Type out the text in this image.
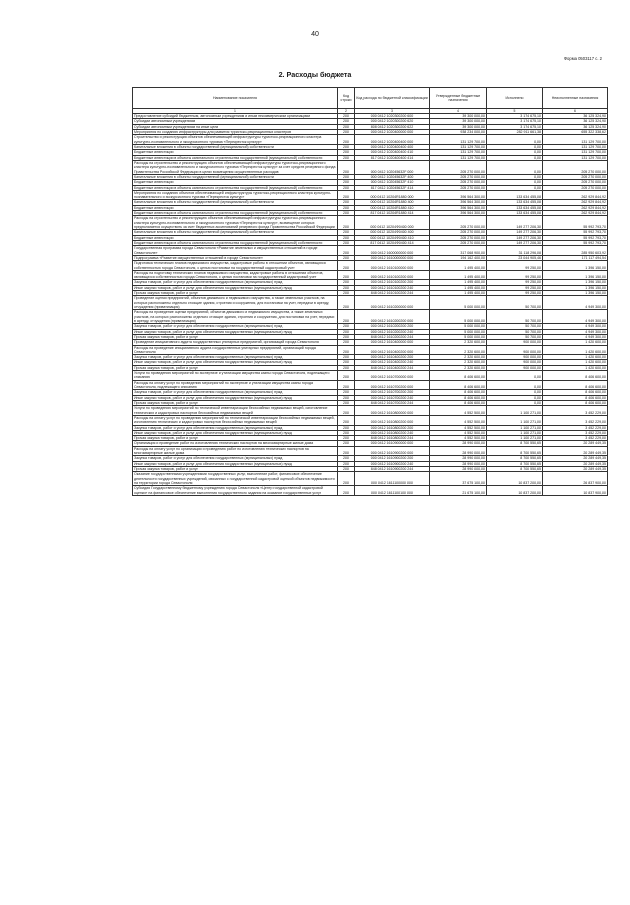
40
Форма 0503117 с. 2
2. Расходы бюджета
Наименование показателя	Код строки	Код расхода по бюджетной классификации	Утвержденные бюджетные назначения	Исполнено	Неисполненные назначения
1	2	3	4	5	6
Предоставление субсидий бюджетным, автономным учреждениям и иным некоммерческим организациям	200	000 0412 1020300200 600	39 300 000,00	3 174 675,10	36 125 324,90
Субсидии автономным учреждениям	200	000 0412 1020300200 620	39 300 000,00	3 174 675,10	36 125 324,90
Субсидии автономным учреждениям на иные цели	200	808 0412 1020300200 622	39 300 000,00	3 174 675,10	36 125 324,90
Мероприятия по созданию инфраструктуры для развития туристско-рекреационных кластеров	200	000 0412 1020400000 000	938 234 000,00	282 911 661,38	655 322 338,62
Строительство и реконструкция объектов обеспечивающей инфраструктуры туристско-рекреационного кластера культурно-познавательного и экскурсионного туризма «Перекресток культур»	200	000 0412 1020400400 000	131 129 700,00	0,00	131 129 700,00
Капитальные вложения в объекты государственной (муниципальной) собственности	200	000 0412 1020400400 400	131 129 700,00	0,00	131 129 700,00
Бюджетные инвестиции	200	000 0412 1020400400 410	131 129 700,00	0,00	131 129 700,00
Бюджетные инвестиции в объекты капитального строительства государственной (муниципальной) собственности	200	817 0412 1020400400 414	131 129 700,00	0,00	131 129 700,00
Расходы на строительство и реконструкцию объектов обеспечивающей инфраструктуры туристско-рекреационного кластера культурно-познавательного и экскурсионного туризма «Перекресток культур» за счет средств резервного фонда Правительства Российской Федерации в целях возмещения осуществленных расходов	200	000 0412 102045632F 000	205 270 000,00	0,00	205 270 000,00
Капитальные вложения в объекты государственной (муниципальной) собственности	200	000 0412 102045632F 400	205 270 000,00	0,00	205 270 000,00
Бюджетные инвестиции	200	000 0412 102045632F 410	205 270 000,00	0,00	205 270 000,00
Бюджетные инвестиции в объекты капитального строительства государственной (муниципальной) собственности	200	817 0412 102045632F 414	205 270 000,00	0,00	205 270 000,00
Мероприятия по созданию объектов обеспечивающей инфраструктуры туристско-рекреационного кластера культурно-познавательного и экскурсионного туризма «Перекресток культур»	200	000 0412 10204R1880 000	396 564 300,00	133 634 455,08	262 929 844,92
Капитальные вложения в объекты государственной (муниципальной) собственности	200	000 0412 10204R1880 400	396 564 300,00	133 634 455,08	262 929 844,92
Бюджетные инвестиции	200	000 0412 10204R1880 410	396 564 300,00	133 634 455,08	262 929 844,92
Бюджетные инвестиции в объекты капитального строительства государственной (муниципальной) собственности	200	817 0412 10204R1880 414	396 564 300,00	133 634 455,08	262 929 844,92
Расходы на строительство и реконструкцию объектов обеспечивающей инфраструктуры туристско-рекреационного кластера культурно-познавательного и экскурсионного туризма «Перекресток культур», возмещение которых предполагается осуществить за счет бюджетных ассигнований резервного фонда Правительства Российской Федерации	200	000 0412 10204Ф0400 000	205 270 000,00	149 277 206,30	55 992 793,70
Капитальные вложения в объекты государственной (муниципальной) собственности	200	000 0412 10204Ф0400 400	205 270 000,00	149 277 206,30	55 992 793,70
Бюджетные инвестиции	200	000 0412 10204Ф0400 410	205 270 000,00	149 277 206,30	55 992 793,70
Бюджетные инвестиции в объекты капитального строительства государственной (муниципальной) собственности	200	817 0412 10204Ф0400 414	205 270 000,00	149 277 206,30	55 992 793,70
Государственная программа города Севастополя «Развитие земельных и имущественных отношений в городе Севастополе»	200	000 0412 1600000000 000	317 068 900,00	31 118 296,08	285 950 603,92
Подпрограмма «Развитие имущественных отношений в городе Севастополе»	200	000 0412 1610000000 000	194 162 400,00	23 044 905,46	171 117 494,54
Подготовка технических планов недвижимого имущества, кадастровые работы в отношении объектов, являющихся собственностью города Севастополя, с целью постановки на государственный кадастровый учет	200	000 0412 1610100000 000	1 495 400,00	99 250,00	1 396 150,00
Расходы на подготовку технических планов недвижимого имущества, кадастровые работы в отношении объектов, являющихся собственностью города Севастополя, с целью постановки на государственный кадастровый учет	200	000 0412 1610100200 000	1 495 400,00	99 250,00	1 396 150,00
Закупка товаров, работ и услуг для обеспечения государственных (муниципальных) нужд	200	000 0412 1610100200 200	1 495 400,00	99 250,00	1 396 150,00
Иные закупки товаров, работ и услуг для обеспечения государственных (муниципальных) нужд	200	000 0412 1610100200 240	1 495 400,00	99 250,00	1 396 150,00
Прочая закупка товаров, работ и услуг	200	848 0412 1610100200 244	1 495 400,00	99 250,00	1 396 150,00
Проведение оценки предприятий, объектов движимого и недвижимого имущества, а также земельных участков, на которых расположены отдельно стоящие здания, строения и сооружения, для постановки на учет, передачи в аренду, отчуждения (приватизация)	200	000 0412 1610200000 000	5 000 000,00	50 700,00	4 949 300,00
Расходы на проведение оценки предприятий, объектов движимого и недвижимого имущества, а также земельных участков, на которых расположены отдельно стоящие здания, строения и сооружения, для постановки на учет, передачи в аренду, отчуждения (приватизация)	200	000 0412 1610200200 000	5 000 000,00	50 700,00	4 949 300,00
Закупка товаров, работ и услуг для обеспечения государственных (муниципальных) нужд	200	000 0412 1610200200 200	5 000 000,00	50 700,00	4 949 300,00
Иные закупки товаров, работ и услуг для обеспечения государственных (муниципальных) нужд	200	000 0412 1610200200 240	5 000 000,00	50 700,00	4 949 300,00
Прочая закупка товаров, работ и услуг	200	848 0412 1610200200 244	5 000 000,00	50 700,00	4 949 300,00
Проведение инициативного аудита государственных унитарных предприятий, организаций города Севастополя	200	000 0412 1610400000 000	2 320 600,00	900 000,00	1 420 600,00
Расходы на проведение инициативного аудита государственных унитарных предприятий, организаций города Севастополя	200	000 0412 1610400200 000	2 320 600,00	900 000,00	1 420 600,00
Закупка товаров, работ и услуг для обеспечения государственных (муниципальных) нужд	200	000 0412 1610400200 200	2 320 600,00	900 000,00	1 420 600,00
Иные закупки товаров, работ и услуг для обеспечения государственных (муниципальных) нужд	200	000 0412 1610400200 240	2 320 600,00	900 000,00	1 420 600,00
Прочая закупка товаров, работ и услуг	200	848 0412 1610400200 244	2 320 600,00	900 000,00	1 420 600,00
Услуги по проведению мероприятий по экспертизе и утилизации имущества казны города Севастополя, подлежащего списанию	200	000 0412 1610700000 000	8 406 600,00	0,00	8 406 600,00
Расходы на оплату услуг по проведению мероприятий по экспертизе и утилизации имущества казны города Севастополя, подлежащего списанию	200	000 0412 1610700200 000	8 406 600,00	0,00	8 406 600,00
Закупка товаров, работ и услуг для обеспечения государственных (муниципальных) нужд	200	000 0412 1610700200 200	8 406 600,00	0,00	8 406 600,00
Иные закупки товаров, работ и услуг для обеспечения государственных (муниципальных) нужд	200	000 0412 1610700200 240	8 406 600,00	0,00	8 406 600,00
Прочая закупка товаров, работ и услуг	200	848 0412 1610700200 244	8 406 600,00	0,00	8 406 600,00
Услуги по проведению мероприятий по технической инвентаризации бесхозяйных недвижимых вещей, изготовление технических и кадастровых паспортов бесхозяйных недвижимых вещей	200	000 0412 1610800000 000	4 552 500,00	1 100 271,00	3 452 229,00
Расходы на оплату услуг по проведению мероприятий по технической инвентаризации бесхозяйных недвижимых вещей, изготовлению технических и кадастровых паспортов бесхозяйных недвижимых вещей	200	000 0412 1610800200 000	4 552 500,00	1 100 271,00	3 452 229,00
Закупка товаров, работ и услуг для обеспечения государственных (муниципальных) нужд	200	000 0412 1610800200 200	4 552 500,00	1 100 271,00	3 452 229,00
Иные закупки товаров, работ и услуг для обеспечения государственных (муниципальных) нужд	200	000 0412 1610800200 240	4 552 500,00	1 100 271,00	3 452 229,00
Прочая закупка товаров, работ и услуг	200	848 0412 1610800200 244	4 552 500,00	1 100 271,00	3 452 229,00
Организация и проведение работ по изготовлению технических паспортов на многоквартирные жилые дома	200	000 0412 1610900000 000	28 990 000,00	8 700 550,65	20 289 449,35
Расходы на оплату услуг по организации и проведению работ по изготовлению технических паспортов на многоквартирные жилые дома	200	000 0412 1610900200 000	28 990 000,00	8 700 550,65	20 289 449,35
Закупка товаров, работ и услуг для обеспечения государственных (муниципальных) нужд	200	000 0412 1610900200 200	28 990 000,00	8 700 550,65	20 289 449,35
Иные закупки товаров, работ и услуг для обеспечения государственных (муниципальных) нужд	200	000 0412 1610900200 240	28 990 000,00	8 700 550,65	20 289 449,35
Прочая закупка товаров, работ и услуг	200	848 0412 1610900200 244	28 990 000,00	8 700 550,65	20 289 449,35
Оказание государственными учреждениями государственных услуг, выполнение работ, финансовое обеспечение деятельности государственных учреждений, связанных с государственной кадастровой оценкой объектов недвижимости на территории города Севастополя	200	000 0412 1611100000 000	37 675 100,00	10 837 200,00	26 837 900,00
Субсидия Государственному бюджетному учреждению города Севастополя «Центр государственной кадастровой оценки» на финансовое обеспечение выполнения государственного задания на оказание государственных услуг	200	000 0412 1611100100 000	21 675 100,00	10 837 200,00	10 837 900,00
